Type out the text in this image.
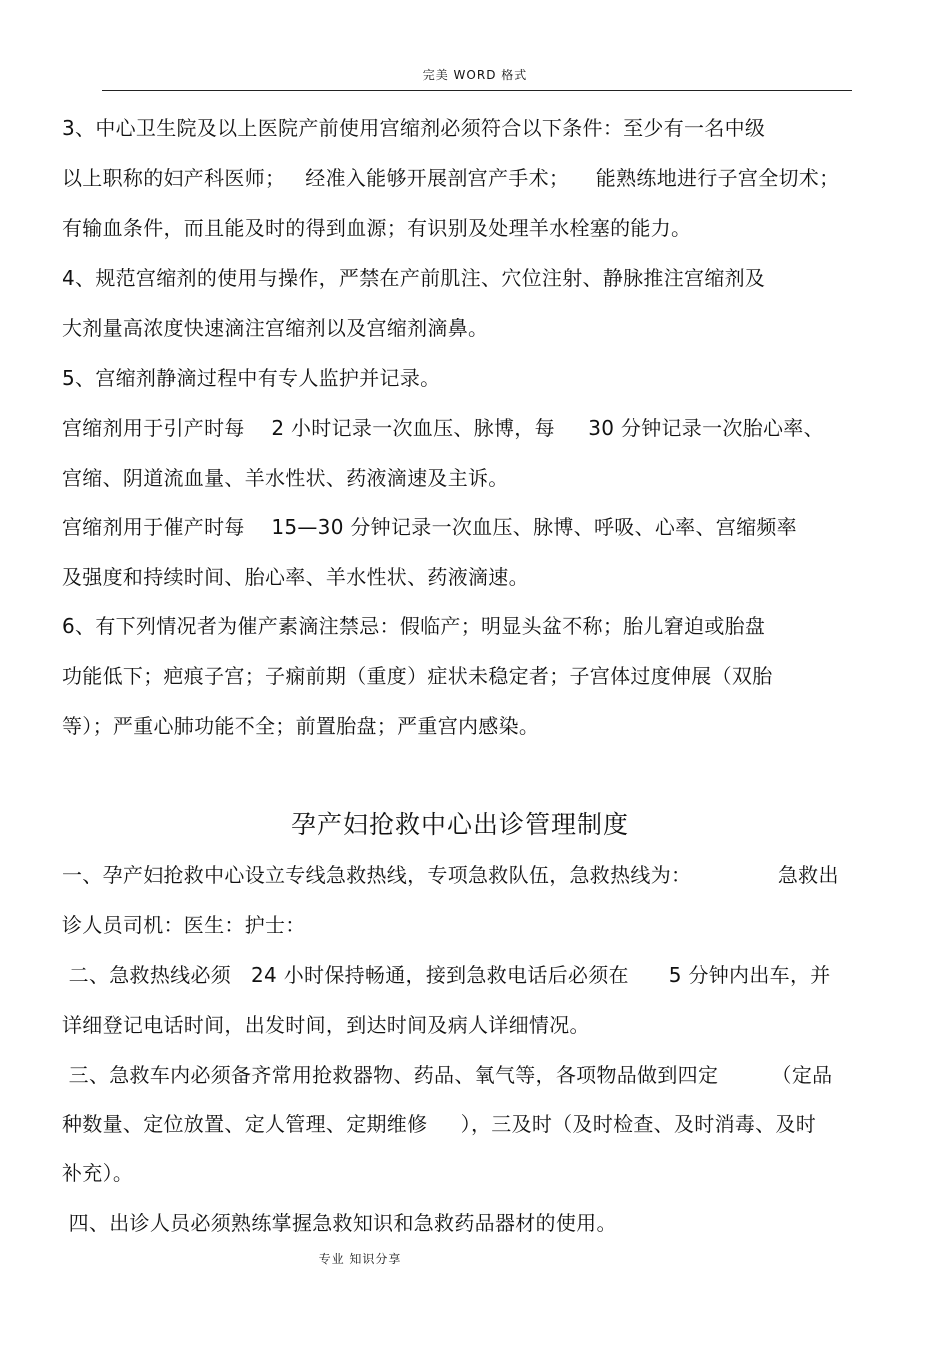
完美 WORD 格式
3、中心卫生院及以上医院产前使用宫缩剂必须符合以下条件：至少有一名中级
以上职称的妇产科医师；   经准入能够开展剖宫产手术；    能熟练地进行子宫全切术；
有输血条件，而且能及时的得到血源；有识别及处理羊水栓塞的能力。
4、规范宫缩剂的使用与操作，严禁在产前肌注、穴位注射、静脉推注宫缩剂及
大剂量高浓度快速滴注宫缩剂以及宫缩剂滴鼻。
5、宫缩剂静滴过程中有专人监护并记录。
宫缩剂用于引产时每    2 小时记录一次血压、脉博，每     30 分钟记录一次胎心率、
宫缩、阴道流血量、羊水性状、药液滴速及主诉。
宫缩剂用于催产时每    15—30 分钟记录一次血压、脉博、呼吸、心率、宫缩频率
及强度和持续时间、胎心率、羊水性状、药液滴速。
6、有下列情况者为催产素滴注禁忌：假临产；明显头盆不称；胎儿窘迫或胎盘
功能低下；疤痕子宫；子痫前期（重度）症状未稳定者；子宫体过度伸展（双胎
等）；严重心肺功能不全；前置胎盘；严重宫内感染。
孕产妇抢救中心出诊管理制度
一、孕产妇抢救中心设立专线急救热线，专项急救队伍，急救热线为：             急救出
诊人员司机：医生：护士：
二、急救热线必须   24 小时保持畅通，接到急救电话后必须在      5 分钟内出车，并
详细登记电话时间，出发时间，到达时间及病人详细情况。
三、急救车内必须备齐常用抢救器物、药品、氧气等，各项物品做到四定        （定品
种数量、定位放置、定人管理、定期维修     ），三及时（及时检查、及时消毒、及时
补充）。
四、出诊人员必须熟练掌握急救知识和急救药品器材的使用。
专业 知识分享
